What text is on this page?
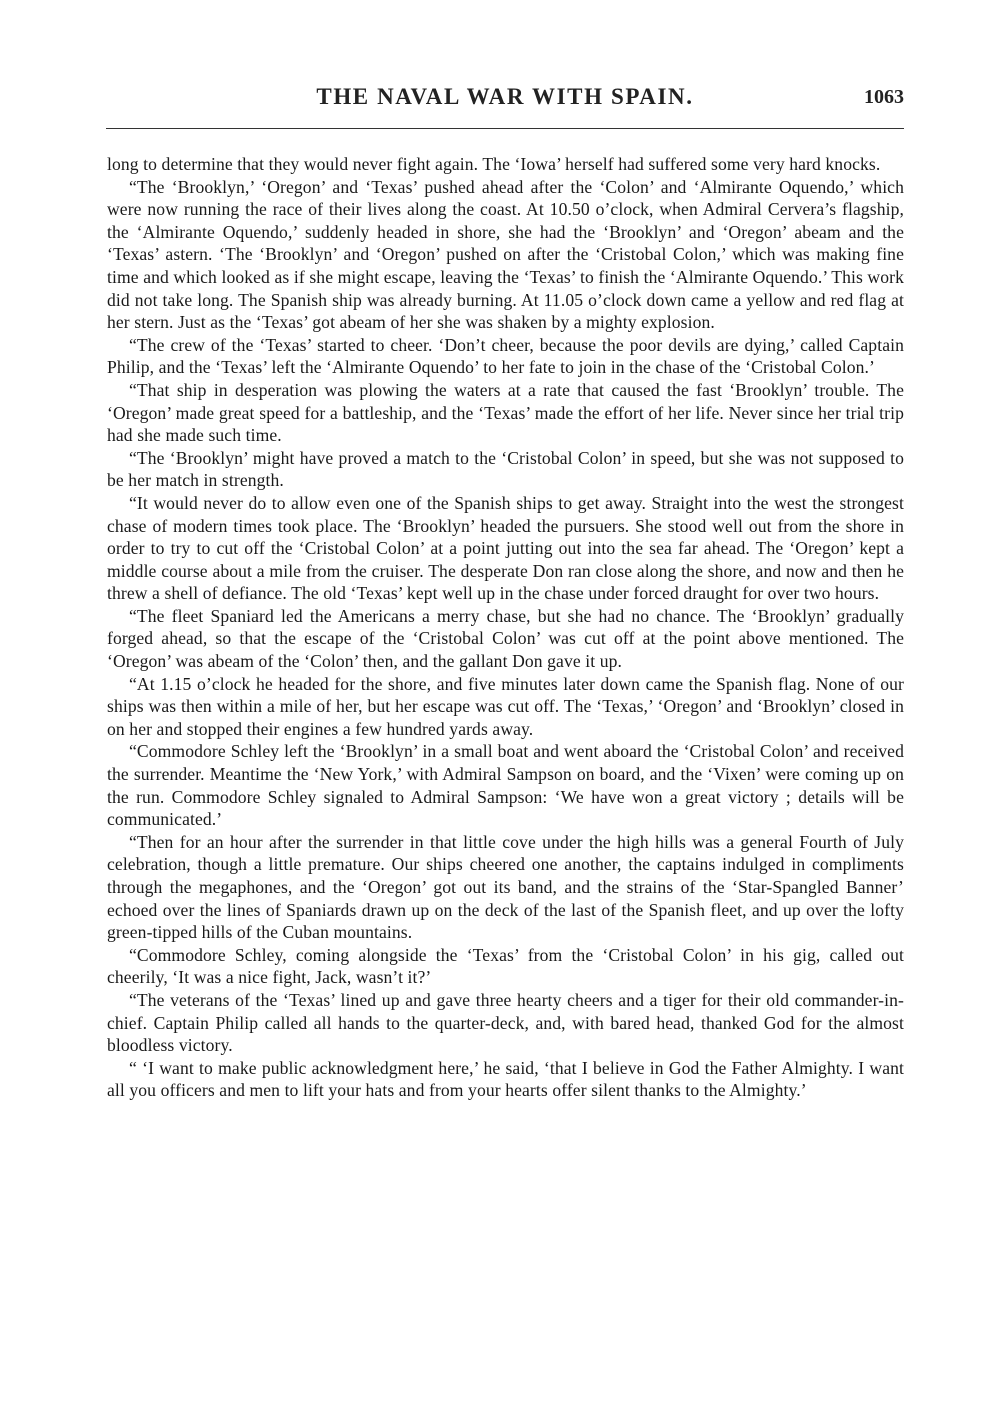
THE NAVAL WAR WITH SPAIN.	1063

long to determine that they would never fight again. The ‘Iowa’ herself had suffered some very hard knocks.

“The ‘Brooklyn,’ ‘Oregon’ and ‘Texas’ pushed ahead after the ‘Colon’ and ‘Almirante Oquendo,’ which were now running the race of their lives along the coast. At 10.50 o’clock, when Admiral Cervera’s flagship, the ‘Almirante Oquendo,’ suddenly headed in shore, she had the ‘Brooklyn’ and ‘Oregon’ abeam and the ‘Texas’ astern. ‘The ‘Brooklyn’ and ‘Oregon’ pushed on after the ‘Cristobal Colon,’ which was making fine time and which looked as if she might escape, leaving the ‘Texas’ to finish the ‘Almirante Oquendo.’ This work did not take long. The Spanish ship was already burning. At 11.05 o’clock down came a yellow and red flag at her stern. Just as the ‘Texas’ got abeam of her she was shaken by a mighty explosion.

“The crew of the ‘Texas’ started to cheer. ‘Don’t cheer, because the poor devils are dying,’ called Captain Philip, and the ‘Texas’ left the ‘Almirante Oquendo’ to her fate to join in the chase of the ‘Cristobal Colon.’

“That ship in desperation was plowing the waters at a rate that caused the fast ‘Brooklyn’ trouble. The ‘Oregon’ made great speed for a battleship, and the ‘Texas’ made the effort of her life. Never since her trial trip had she made such time.

“The ‘Brooklyn’ might have proved a match to the ‘Cristobal Colon’ in speed, but she was not supposed to be her match in strength.

“It would never do to allow even one of the Spanish ships to get away. Straight into the west the strongest chase of modern times took place. The ‘Brooklyn’ headed the pursuers. She stood well out from the shore in order to try to cut off the ‘Cristobal Colon’ at a point jutting out into the sea far ahead. The ‘Oregon’ kept a middle course about a mile from the cruiser. The desperate Don ran close along the shore, and now and then he threw a shell of defiance. The old ‘Texas’ kept well up in the chase under forced draught for over two hours.

“The fleet Spaniard led the Americans a merry chase, but she had no chance. The ‘Brooklyn’ gradually forged ahead, so that the escape of the ‘Cristobal Colon’ was cut off at the point above mentioned. The ‘Oregon’ was abeam of the ‘Colon’ then, and the gallant Don gave it up.

“At 1.15 o’clock he headed for the shore, and five minutes later down came the Spanish flag. None of our ships was then within a mile of her, but her escape was cut off. The ‘Texas,’ ‘Oregon’ and ‘Brooklyn’ closed in on her and stopped their engines a few hundred yards away.

“Commodore Schley left the ‘Brooklyn’ in a small boat and went aboard the ‘Cristobal Colon’ and received the surrender. Meantime the ‘New York,’ with Admiral Sampson on board, and the ‘Vixen’ were coming up on the run. Commodore Schley signaled to Admiral Sampson: ‘We have won a great victory ; details will be communicated.’

“Then for an hour after the surrender in that little cove under the high hills was a general Fourth of July celebration, though a little premature. Our ships cheered one another, the captains indulged in compliments through the megaphones, and the ‘Oregon’ got out its band, and the strains of the ‘Star-Spangled Banner’ echoed over the lines of Spaniards drawn up on the deck of the last of the Spanish fleet, and up over the lofty green-tipped hills of the Cuban mountains.

“Commodore Schley, coming alongside the ‘Texas’ from the ‘Cristobal Colon’ in his gig, called out cheerily, ‘It was a nice fight, Jack, wasn’t it?’

“The veterans of the ‘Texas’ lined up and gave three hearty cheers and a tiger for their old commander-in-chief. Captain Philip called all hands to the quarter-deck, and, with bared head, thanked God for the almost bloodless victory.

“ ‘I want to make public acknowledgment here,’ he said, ‘that I believe in God the Father Almighty. I want all you officers and men to lift your hats and from your hearts offer silent thanks to the Almighty.’
